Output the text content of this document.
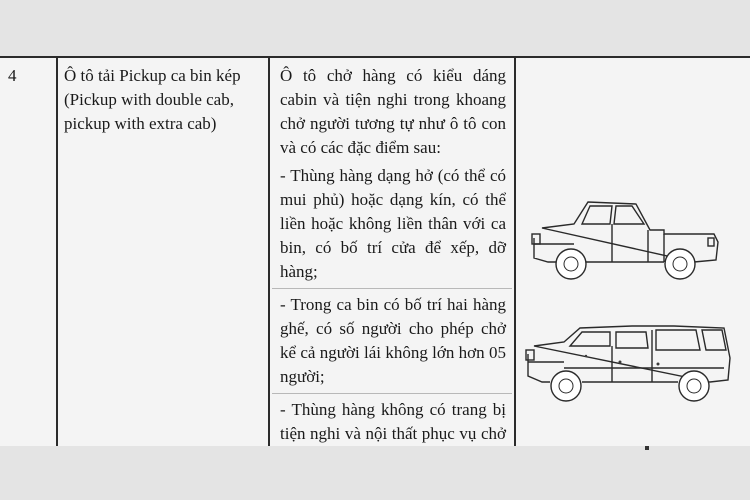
4	Ô tô tải Pickup ca bin kép
(Pickup with double cab,
pickup with extra cab)

Ô tô chở hàng có kiểu dáng cabin và tiện nghi trong khoang chở người tương tự như ô tô con và có các đặc điểm sau:

- Thùng hàng dạng hở (có thể có mui phủ) hoặc dạng kín, có thể liền hoặc không liền thân với ca bin, có bố trí cửa để xếp, dỡ hàng;

- Trong ca bin có bố trí hai hàng ghế, có số người cho phép chở kể cả người lái không lớn hơn 05 người;

- Thùng hàng không có trang bị tiện nghi và nội thất phục vụ chở
